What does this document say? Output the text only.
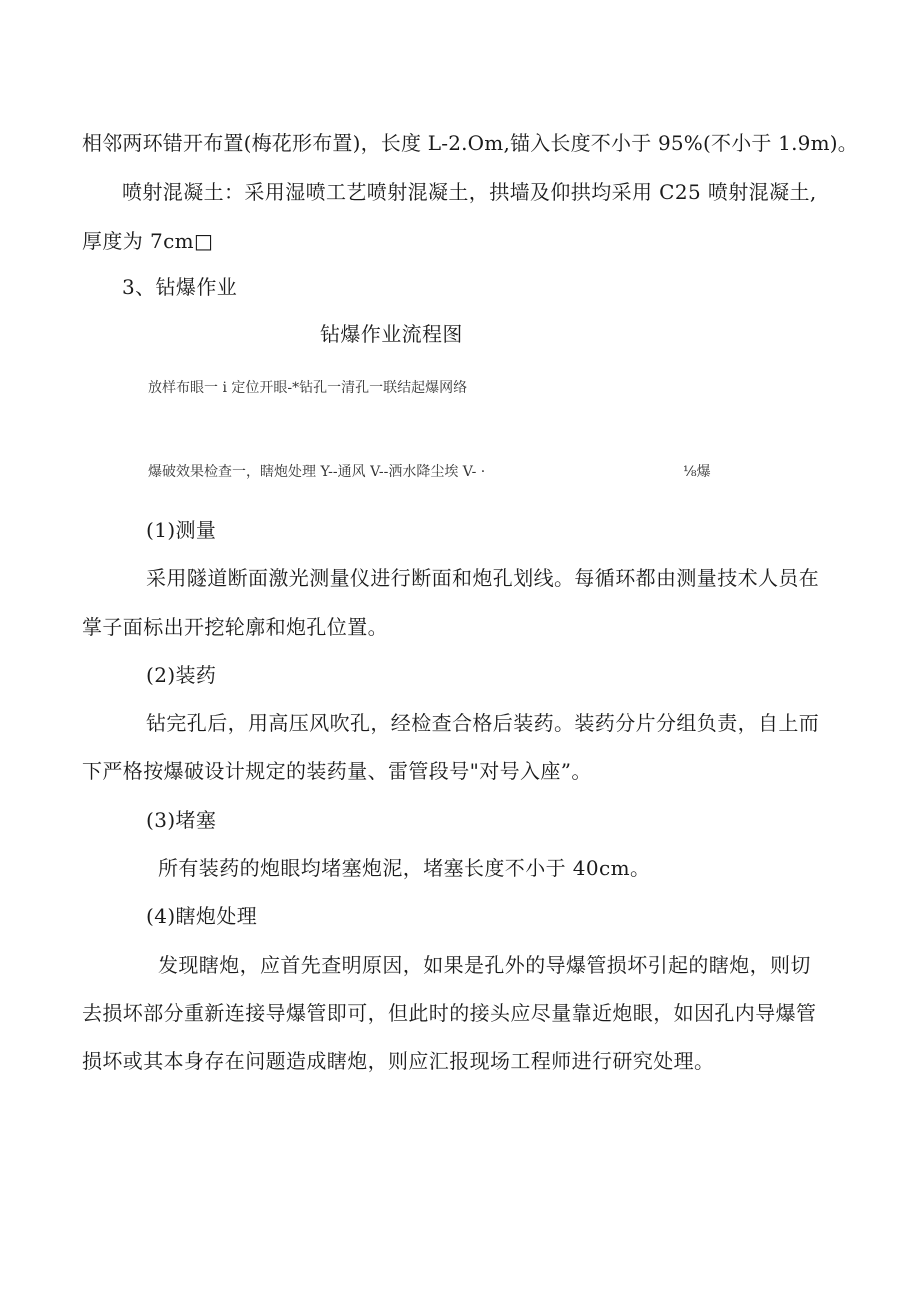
相邻两环错开布置(梅花形布置)，长度 L-2.Om,锚入长度不小于 95%(不小于 1.9m)。
喷射混凝土：采用湿喷工艺喷射混凝土，拱墙及仰拱均采用 C25 喷射混凝土,
厚度为 7cm□
3、钻爆作业
钻爆作业流程图
放样布眼一 i 定位开眼-*钻孔一清孔一联结起爆网络
爆破效果检查一，瞎炮处理 Y--通风 V--洒水降尘埃 V- ·	⅛爆
(1)测量
采用隧道断面激光测量仪进行断面和炮孔划线。每循环都由测量技术人员在
掌子面标出开挖轮廓和炮孔位置。
(2)装药
钻完孔后，用高压风吹孔，经检查合格后装药。装药分片分组负责，自上而
下严格按爆破设计规定的装药量、雷管段号"对号入座”。
(3)堵塞
所有装药的炮眼均堵塞炮泥，堵塞长度不小于 40cm。
(4)瞎炮处理
发现瞎炮，应首先查明原因，如果是孔外的导爆管损坏引起的瞎炮，则切
去损坏部分重新连接导爆管即可，但此时的接头应尽量靠近炮眼，如因孔内导爆管
损坏或其本身存在问题造成瞎炮，则应汇报现场工程师进行研究处理。
